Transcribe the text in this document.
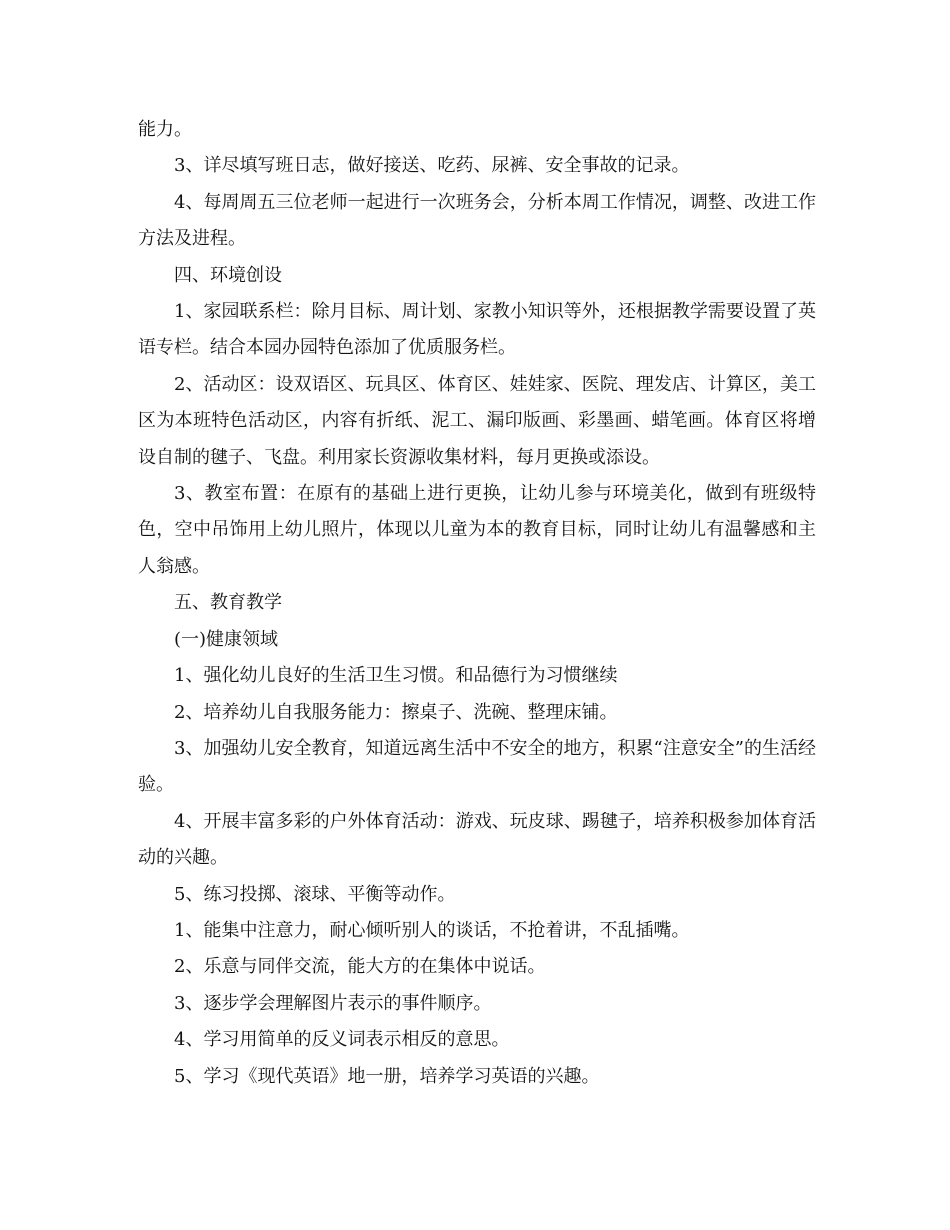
能力。

3、详尽填写班日志，做好接送、吃药、尿裤、安全事故的记录。

4、每周周五三位老师一起进行一次班务会，分析本周工作情况，调整、改进工作方法及进程。

四、环境创设

1、家园联系栏：除月目标、周计划、家教小知识等外，还根据教学需要设置了英语专栏。结合本园办园特色添加了优质服务栏。

2、活动区：设双语区、玩具区、体育区、娃娃家、医院、理发店、计算区，美工区为本班特色活动区，内容有折纸、泥工、漏印版画、彩墨画、蜡笔画。体育区将增设自制的毽子、飞盘。利用家长资源收集材料，每月更换或添设。

3、教室布置：在原有的基础上进行更换，让幼儿参与环境美化，做到有班级特色，空中吊饰用上幼儿照片，体现以儿童为本的教育目标，同时让幼儿有温馨感和主人翁感。

五、教育教学

(一)健康领域

1、强化幼儿良好的生活卫生习惯。和品德行为习惯继续

2、培养幼儿自我服务能力：擦桌子、洗碗、整理床铺。

3、加强幼儿安全教育，知道远离生活中不安全的地方，积累“注意安全”的生活经验。

4、开展丰富多彩的户外体育活动：游戏、玩皮球、踢毽子，培养积极参加体育活动的兴趣。

5、练习投掷、滚球、平衡等动作。

1、能集中注意力，耐心倾听别人的谈话，不抢着讲，不乱插嘴。

2、乐意与同伴交流，能大方的在集体中说话。

3、逐步学会理解图片表示的事件顺序。

4、学习用简单的反义词表示相反的意思。

5、学习《现代英语》地一册，培养学习英语的兴趣。
